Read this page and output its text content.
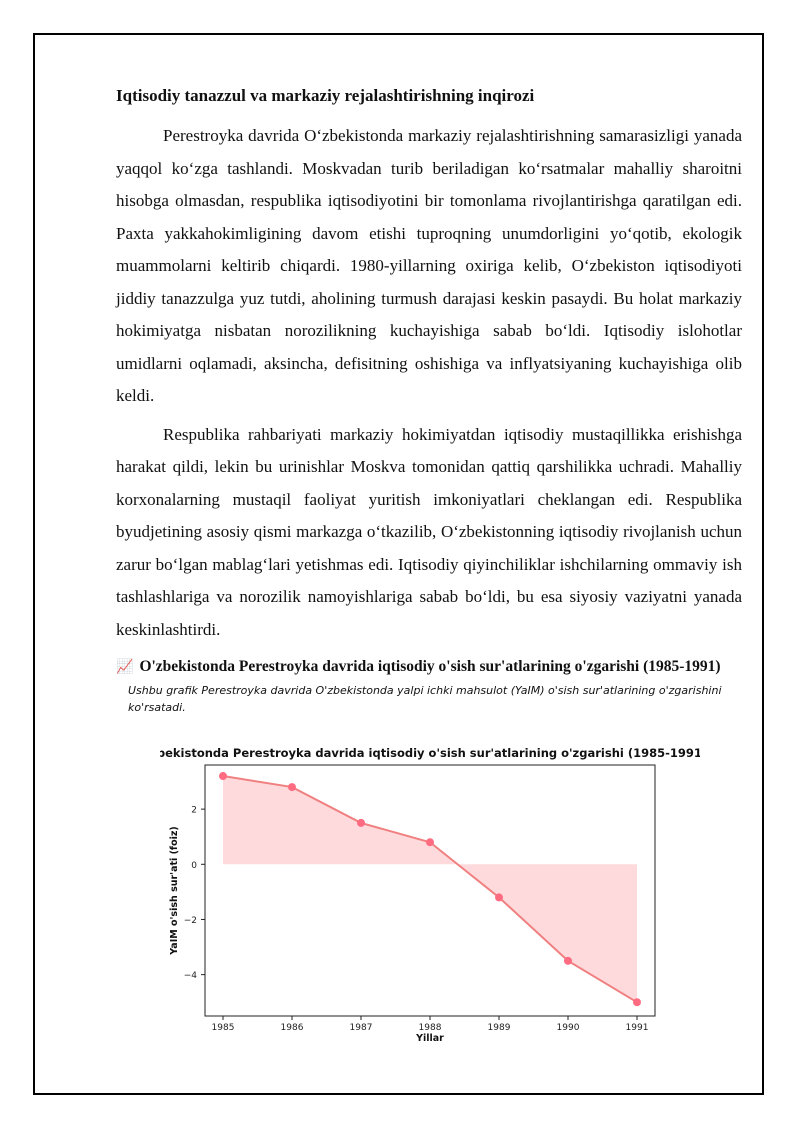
Iqtisodiy tanazzul va markaziy rejalashtirishning inqirozi

Perestroyka davrida O‘zbekistonda markaziy rejalashtirishning samarasizligi yanada yaqqol ko‘zga tashlandi. Moskvadan turib beriladigan ko‘rsatmalar mahalliy sharoitni hisobga olmasdan, respublika iqtisodiyotini bir tomonlama rivojlantirishga qaratilgan edi. Paxta yakkahokimligining davom etishi tuproqning unumdorligini yo‘qotib, ekologik muammolarni keltirib chiqardi. 1980-yillarning oxiriga kelib, O‘zbekiston iqtisodiyoti jiddiy tanazzulga yuz tutdi, aholining turmush darajasi keskin pasaydi. Bu holat markaziy hokimiyatga nisbatan norozilikning kuchayishiga sabab bo‘ldi. Iqtisodiy islohotlar umidlarni oqlamadi, aksincha, defisitning oshishiga va inflyatsiyaning kuchayishiga olib keldi.

Respublika rahbariyati markaziy hokimiyatdan iqtisodiy mustaqillikka erishishga harakat qildi, lekin bu urinishlar Moskva tomonidan qattiq qarshilikka uchradi. Mahalliy korxonalarning mustaqil faoliyat yuritish imkoniyatlari cheklangan edi. Respublika byudjetining asosiy qismi markazga o‘tkazilib, O‘zbekistonning iqtisodiy rivojlanish uchun zarur bo‘lgan mablag‘lari yetishmas edi. Iqtisodiy qiyinchiliklar ishchilarning ommaviy ish tashlashlariga va norozilik namoyishlariga sabab bo‘ldi, bu esa siyosiy vaziyatni yanada keskinlashtirdi.

📈 O'zbekistonda Perestroyka davrida iqtisodiy o'sish sur'atlarining o'zgarishi (1985-1991)

Ushbu grafik Perestroyka davrida O'zbekistonda yalpi ichki mahsulot (YaIM) o'sish sur'atlarining o'zgarishini ko'rsatadi.

O'zbekistonda Perestroyka davrida iqtisodiy o'sish sur'atlarining o'zgarishi (1985-1991)
2
0
−2
−4
1985	1986	1987	1988	1989	1990	1991
Yillar
YaIM o'sish sur'ati (foiz)
